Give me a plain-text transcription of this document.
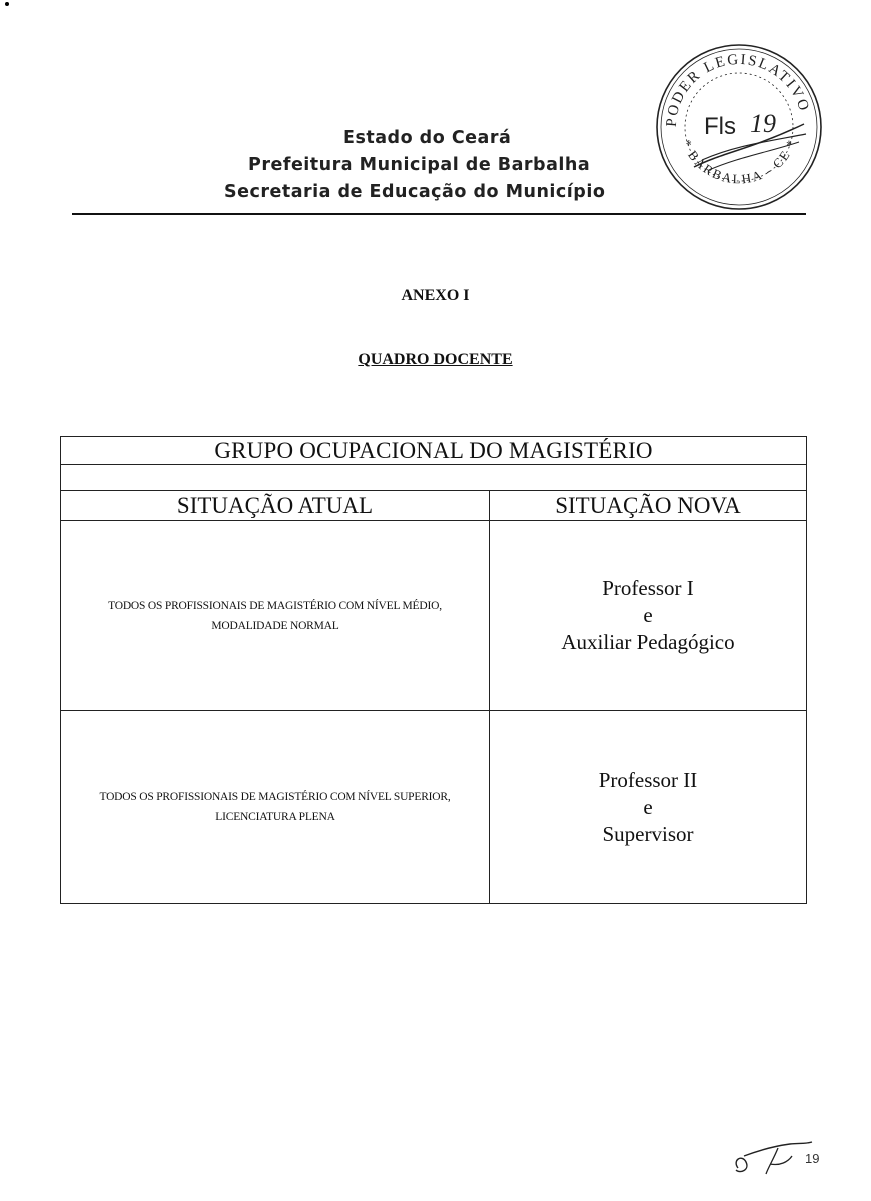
Estado do Ceará
Prefeitura Municipal de Barbalha
Secretaria de Educação do Município
PODER LEGISLATIVO
* BARBALHA - CE *
Fls 19
ANEXO I
QUADRO DOCENTE
GRUPO OCUPACIONAL DO MAGISTÉRIO
SITUAÇÃO ATUAL	SITUAÇÃO NOVA
TODOS OS PROFISSIONAIS DE MAGISTÉRIO COM NÍVEL MÉDIO,
MODALIDADE NORMAL
Professor I
e
Auxiliar Pedagógico
TODOS OS PROFISSIONAIS DE MAGISTÉRIO COM NÍVEL SUPERIOR,
LICENCIATURA PLENA
Professor II
e
Supervisor
19
